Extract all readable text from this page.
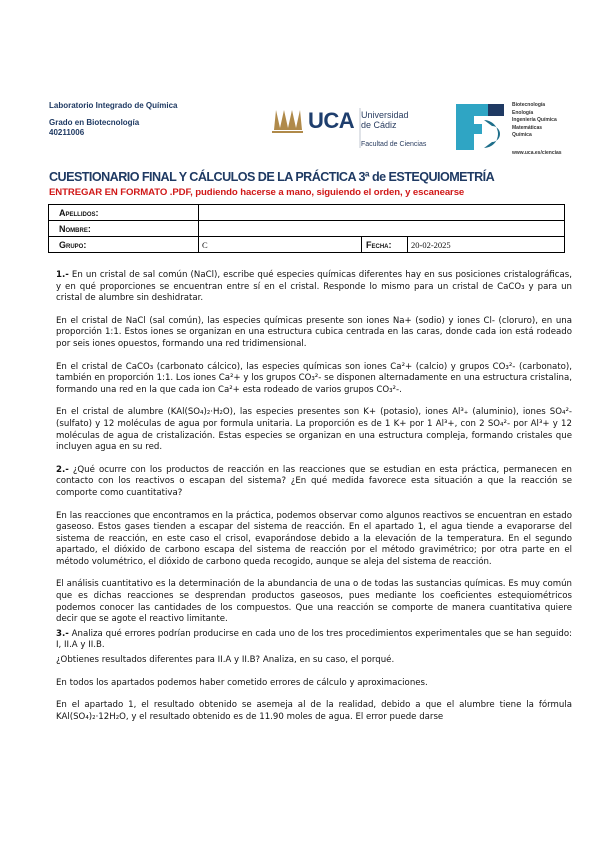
Laboratorio Integrado de Química
Grado en Biotecnología
40211006	UCA Universidad
de Cádiz
Facultad de Ciencias
Biotecnología
Enología
Ingeniería Química
Matemáticas
Química
www.uca.es/ciencias
CUESTIONARIO FINAL Y CÁLCULOS DE LA PRÁCTICA 3ª de ESTEQUIOMETRÍA
ENTREGAR EN FORMATO .PDF, pudiendo hacerse a mano, siguiendo el orden, y escanearse
Apellidos:			
Nombre:			
Grupo:	C	Fecha:	20-02-2025

1.- En un cristal de sal común (NaCl), escribe qué especies químicas diferentes hay en sus posiciones cristalográficas, y en qué proporciones se encuentran entre sí en el cristal. Responde lo mismo para un cristal de CaCO₃ y para un cristal de alumbre sin deshidratar.

En el cristal de NaCl (sal común), las especies químicas presente son iones Na+ (sodio) y iones Cl- (cloruro), en una proporción 1:1. Estos iones se organizan en una estructura cubica centrada en las caras, donde cada ion está rodeado por seis iones opuestos, formando una red tridimensional.

En el cristal de CaCO₃ (carbonato cálcico), las especies químicas son iones Ca²+ (calcio) y grupos CO₃²- (carbonato), también en proporción 1:1. Los iones Ca²+ y los grupos CO₃²- se disponen alternadamente en una estructura cristalina, formando una red en la que cada ion Ca²+ esta rodeado de varios grupos CO₃²-.

En el cristal de alumbre (KAl(SO₄)₂·H₂O), las especies presentes son K+ (potasio), iones Al³₊ (aluminio), iones SO₄²- (sulfato) y 12 moléculas de agua por formula unitaria. La proporción es de 1 K+ por 1 Al³+, con 2 SO₄²- por Al³+ y 12 moléculas de agua de cristalización. Estas especies se organizan en una estructura compleja, formando cristales que incluyen agua en su red.

2.- ¿Qué ocurre con los productos de reacción en las reacciones que se estudian en esta práctica, permanecen en contacto con los reactivos o escapan del sistema? ¿En qué medida favorece esta situación a que la reacción se comporte como cuantitativa?

En las reacciones que encontramos en la práctica, podemos observar como algunos reactivos se encuentran en estado gaseoso. Estos gases tienden a escapar del sistema de reacción. En el apartado 1, el agua tiende a evaporarse del sistema de reacción, en este caso el crisol, evaporándose debido a la elevación de la temperatura. En el segundo apartado, el dióxido de carbono escapa del sistema de reacción por el método gravimétrico; por otra parte en el método volumétrico, el dióxido de carbono queda recogido, aunque se aleja del sistema de reacción.

El análisis cuantitativo es la determinación de la abundancia de una o de todas las sustancias químicas. Es muy común que es dichas reacciones se desprendan productos gaseosos, pues mediante los coeficientes estequiométricos podemos conocer las cantidades de los compuestos. Que una reacción se comporte de manera cuantitativa quiere decir que se agote el reactivo limitante.

3.- Analiza qué errores podrían producirse en cada uno de los tres procedimientos experimentales que se han seguido: I, II.A y II.B.

¿Obtienes resultados diferentes para II.A y II.B? Analiza, en su caso, el porqué.

En todos los apartados podemos haber cometido errores de cálculo y aproximaciones.

En el apartado 1, el resultado obtenido se asemeja al de la realidad, debido a que el alumbre tiene la fórmula KAl(SO₄)₂·12H₂O, y el resultado obtenido es de 11.90 moles de agua. El error puede darse
